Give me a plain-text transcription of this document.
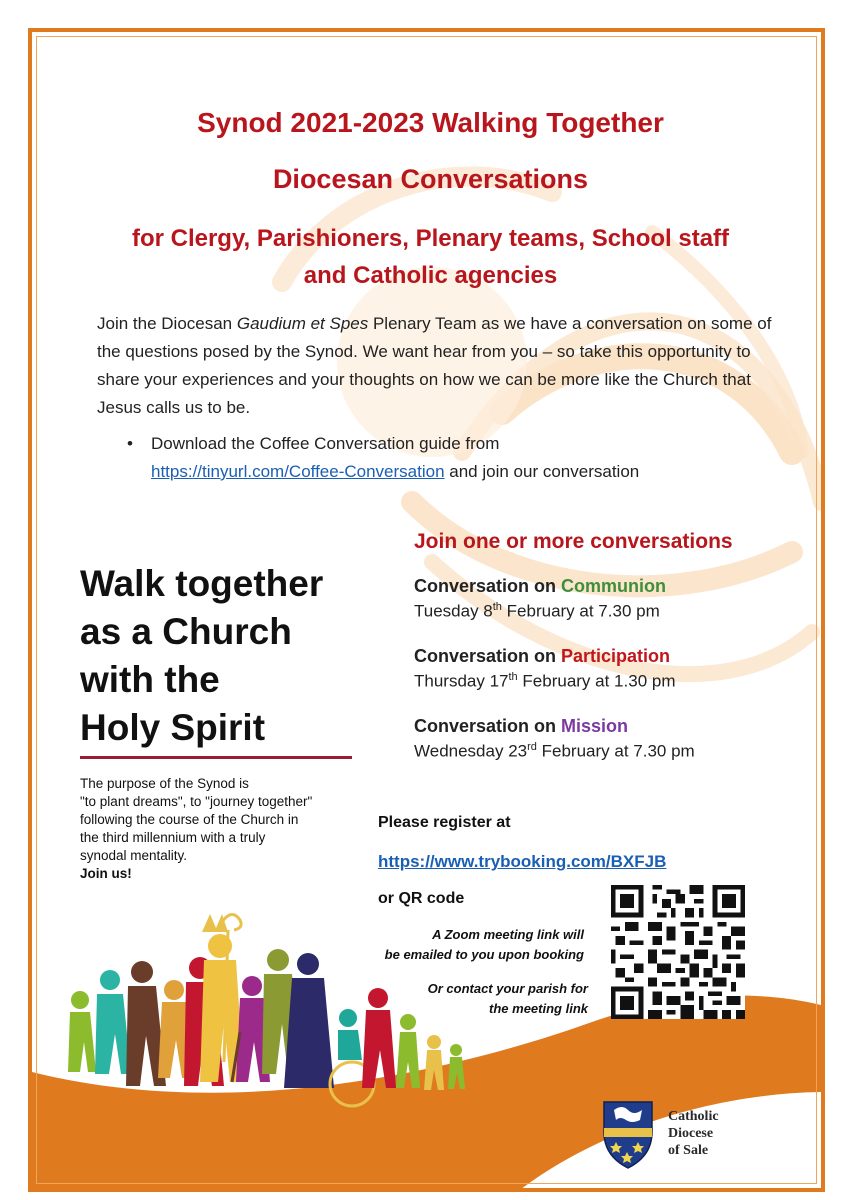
Synod 2021-2023 Walking Together
Diocesan Conversations
for Clergy, Parishioners, Plenary teams, School staff
and Catholic agencies
Join the Diocesan Gaudium et Spes Plenary Team as we have a conversation on some of the questions posed by the Synod. We want hear from you – so take this opportunity to share your experiences and your thoughts on how we can be more like the Church that Jesus calls us to be.
• Download the Coffee Conversation guide from
https://tinyurl.com/Coffee-Conversation and join our conversation
Join one or more conversations
Conversation on Communion
Tuesday 8th February at 7.30 pm
Conversation on Participation
Thursday 17th February at 1.30 pm
Conversation on Mission
Wednesday 23rd February at 7.30 pm
Walk together
as a Church
with the
Holy Spirit
The purpose of the Synod is
"to plant dreams", to "journey together"
following the course of the Church in
the third millennium with a truly
synodal mentality.
Join us!
Please register at
https://www.trybooking.com/BXFJB
or QR code
A Zoom meeting link will
be emailed to you upon booking
Or contact your parish for
the meeting link
Catholic
Diocese
of Sale
